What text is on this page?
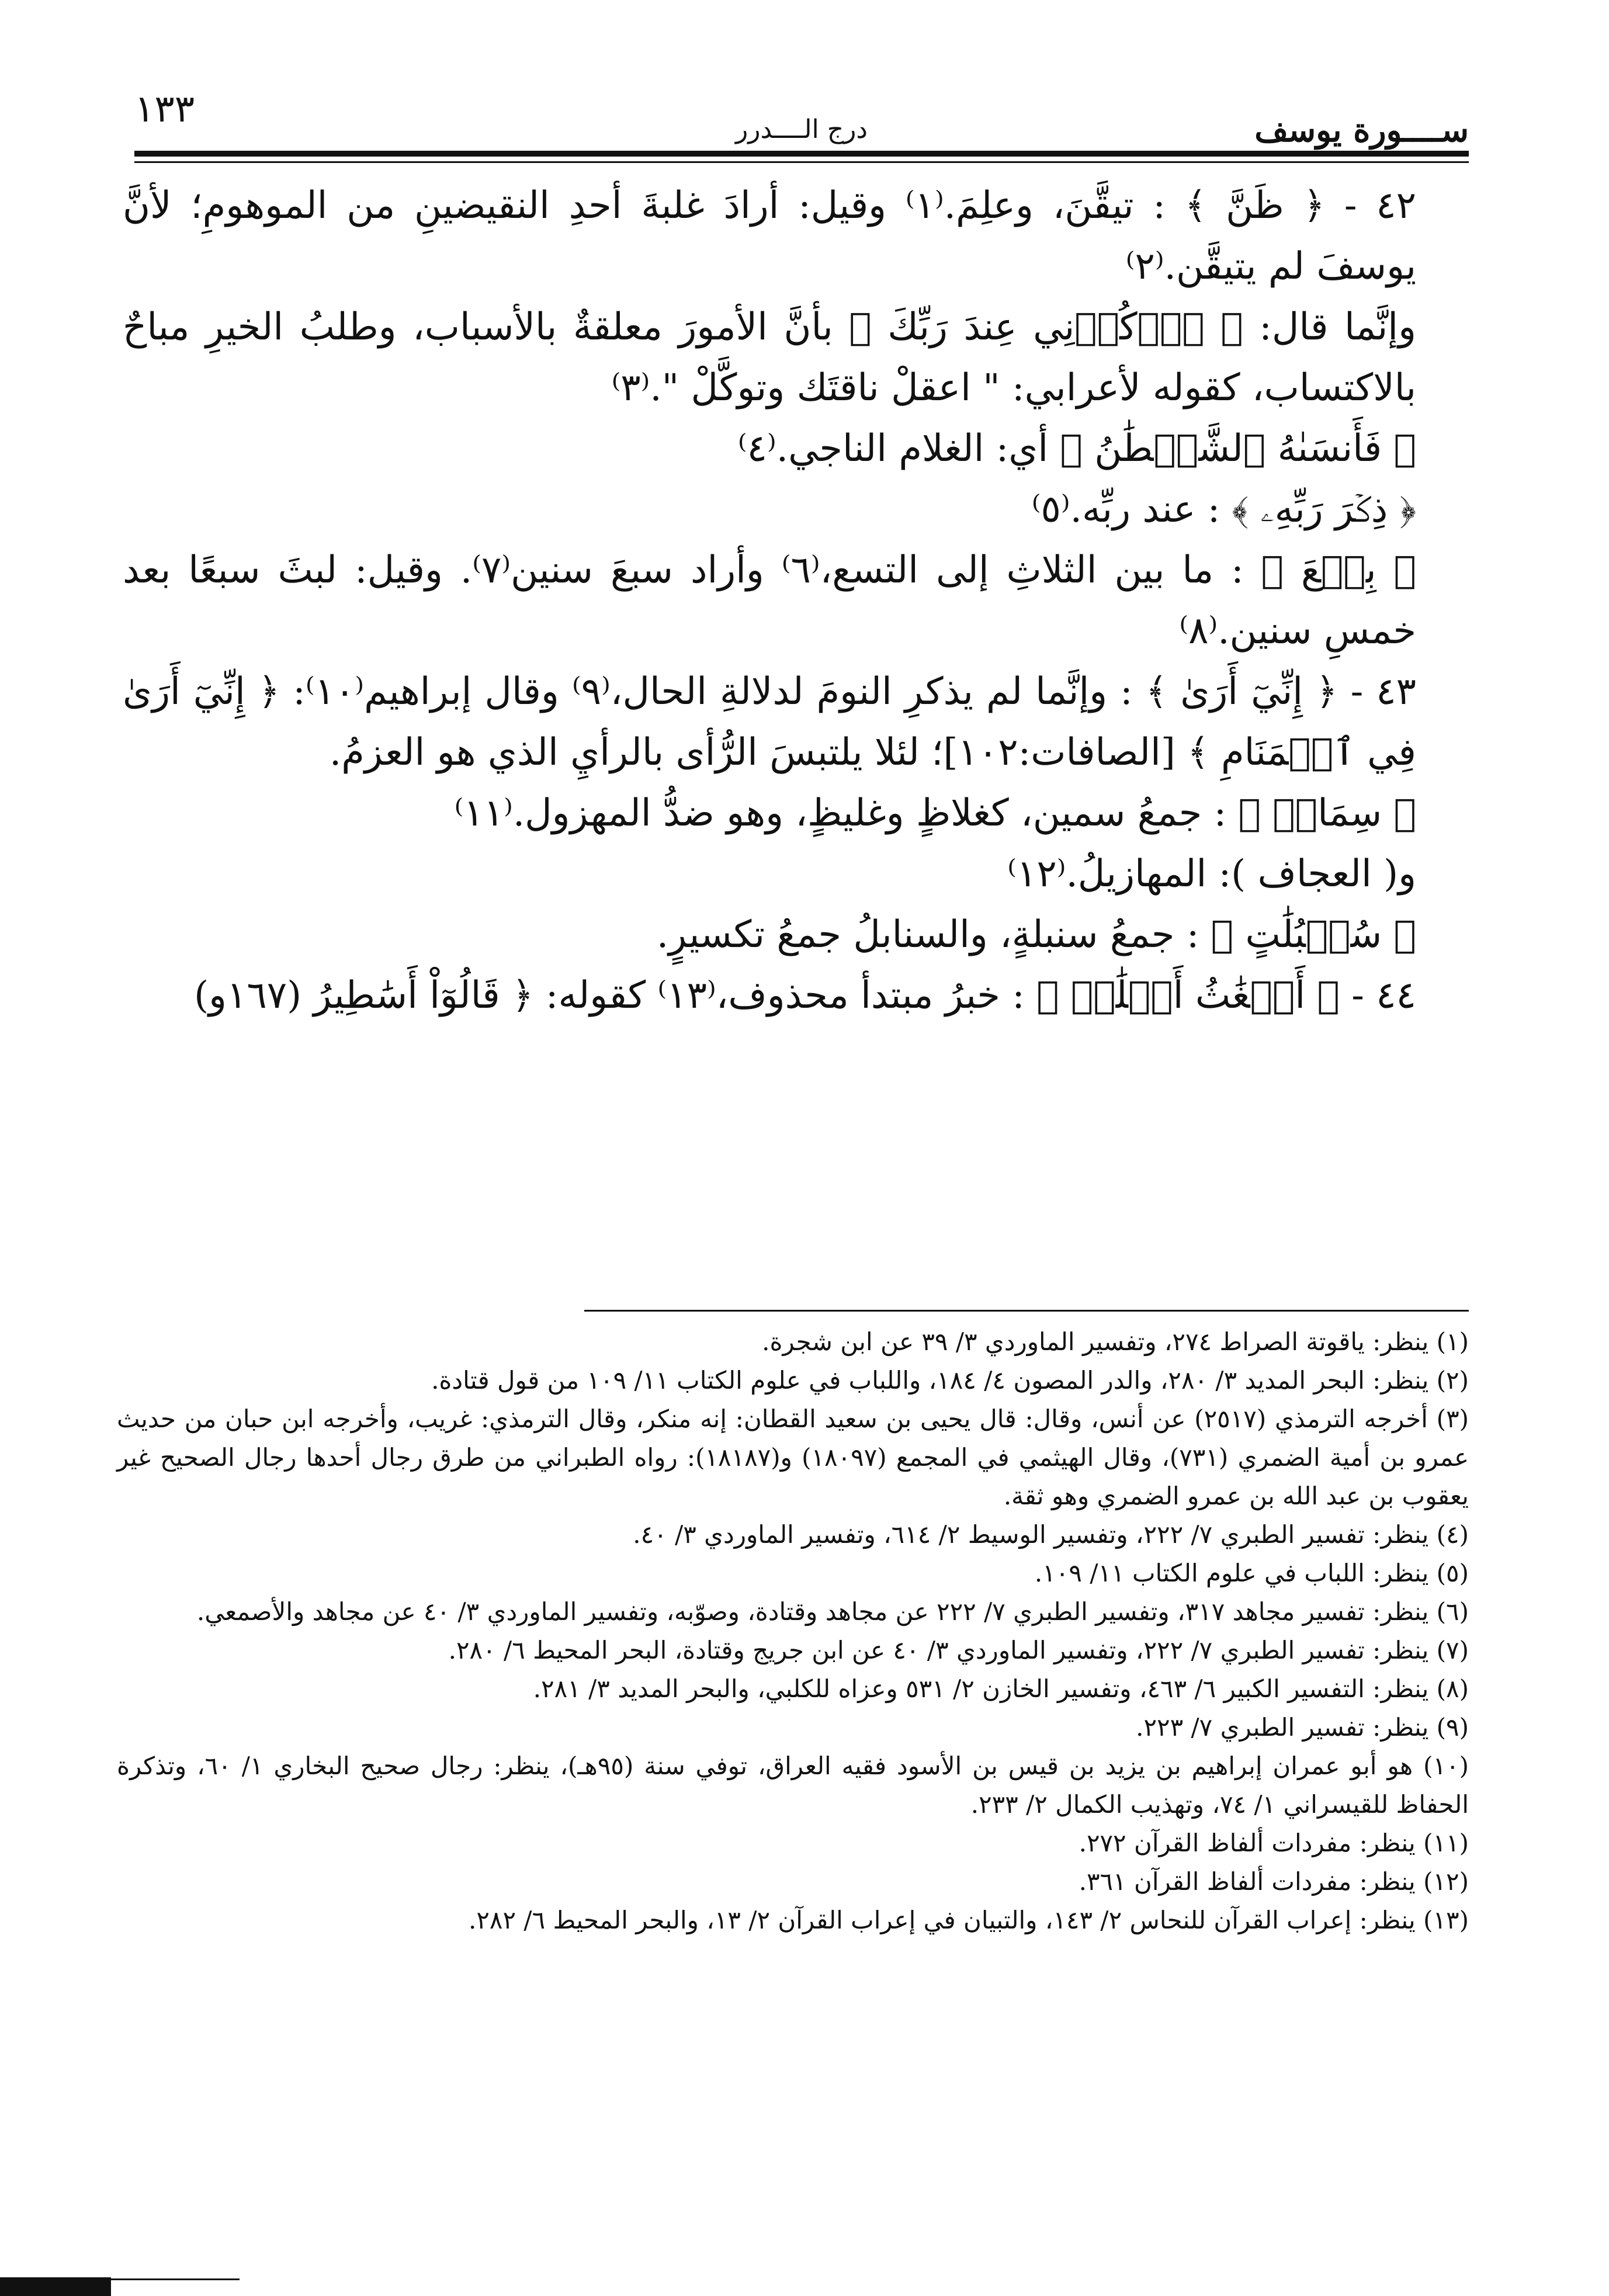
ســــورة يوسف
درج الــــدرر
١٣٣

٤٢ - ﴿ ظَنَّ ﴾ : تيقَّنَ، وعلِمَ.⁽١⁾ وقيل: أرادَ غلبةَ أحدِ النقيضينِ من الموهومِ؛ لأنَّ يوسفَ لم يتيقَّن.⁽٢⁾

وإنَّما قال: ﴿ ٱذۡكُرۡنِي عِندَ رَبِّكَ ﴾ بأنَّ الأمورَ معلقةٌ بالأسباب، وطلبُ الخيرِ مباحٌ بالاكتساب، كقوله لأعرابي: " اعقلْ ناقتَك وتوكَّلْ ".⁽٣⁾

﴿ فَأَنسَىٰهُ ٱلشَّيۡطَٰنُ ﴾ أي: الغلام الناجي.⁽٤⁾

﴿ ذِكۡرَ رَبِّهِۦ ﴾ : عند ربِّه.⁽٥⁾

﴿ بِضۡعَ ﴾ : ما بين الثلاثِ إلى التسع،⁽٦⁾ وأراد سبعَ سنين⁽٧⁾. وقيل: لبثَ سبعًا بعد خمسِ سنين.⁽٨⁾

٤٣ - ﴿ إِنِّيٓ أَرَىٰ ﴾ : وإنَّما لم يذكرِ النومَ لدلالةِ الحال،⁽٩⁾ وقال إبراهيم⁽١٠⁾: ﴿ إِنِّيٓ أَرَىٰ فِي ٱلۡمَنَامِ ﴾ [الصافات:١٠٢]؛ لئلا يلتبسَ الرُّأى بالرأيِ الذي هو العزمُ.

﴿ سِمَانٖ ﴾ : جمعُ سمين، كغلاظٍ وغليظٍ، وهو ضدُّ المهزول.⁽١١⁾

و( العجاف ): المهازيلُ.⁽١٢⁾

﴿ سُنۢبُلَٰتٍ ﴾ : جمعُ سنبلةٍ، والسنابلُ جمعُ تكسيرٍ.

٤٤ - ﴿ أَضۡغَٰثُ أَحۡلَٰمٖ ﴾ : خبرُ مبتدأ محذوف،⁽١٣⁾ كقوله: ﴿ قَالُوٓاْ أَسَٰطِيرُ (١٦٧و)

(١) ينظر: ياقوتة الصراط ٢٧٤، وتفسير الماوردي ٣/ ٣٩ عن ابن شجرة.

(٢) ينظر: البحر المديد ٣/ ٢٨٠، والدر المصون ٤/ ١٨٤، واللباب في علوم الكتاب ١١/ ١٠٩ من قول قتادة.

(٣) أخرجه الترمذي (٢٥١٧) عن أنس، وقال: قال يحيى بن سعيد القطان: إنه منكر، وقال الترمذي: غريب، وأخرجه ابن حبان من حديث عمرو بن أمية الضمري (٧٣١)، وقال الهيثمي في المجمع (١٨٠٩٧) و(١٨١٨٧): رواه الطبراني من طرق رجال أحدها رجال الصحيح غير يعقوب بن عبد الله بن عمرو الضمري وهو ثقة.

(٤) ينظر: تفسير الطبري ٧/ ٢٢٢، وتفسير الوسيط ٢/ ٦١٤، وتفسير الماوردي ٣/ ٤٠.

(٥) ينظر: اللباب في علوم الكتاب ١١/ ١٠٩.

(٦) ينظر: تفسير مجاهد ٣١٧، وتفسير الطبري ٧/ ٢٢٢ عن مجاهد وقتادة، وصوّبه، وتفسير الماوردي ٣/ ٤٠ عن مجاهد والأصمعي.

(٧) ينظر: تفسير الطبري ٧/ ٢٢٢، وتفسير الماوردي ٣/ ٤٠ عن ابن جريج وقتادة، البحر المحيط ٦/ ٢٨٠.

(٨) ينظر: التفسير الكبير ٦/ ٤٦٣، وتفسير الخازن ٢/ ٥٣١ وعزاه للكلبي، والبحر المديد ٣/ ٢٨١.

(٩) ينظر: تفسير الطبري ٧/ ٢٢٣.

(١٠) هو أبو عمران إبراهيم بن يزيد بن قيس بن الأسود فقيه العراق، توفي سنة (٩٥هـ)، ينظر: رجال صحيح البخاري ١/ ٦٠، وتذكرة الحفاظ للقيسراني ١/ ٧٤، وتهذيب الكمال ٢/ ٢٣٣.

(١١) ينظر: مفردات ألفاظ القرآن ٢٧٢.

(١٢) ينظر: مفردات ألفاظ القرآن ٣٦١.

(١٣) ينظر: إعراب القرآن للنحاس ٢/ ١٤٣، والتبيان في إعراب القرآن ٢/ ١٣، والبحر المحيط ٦/ ٢٨٢.
